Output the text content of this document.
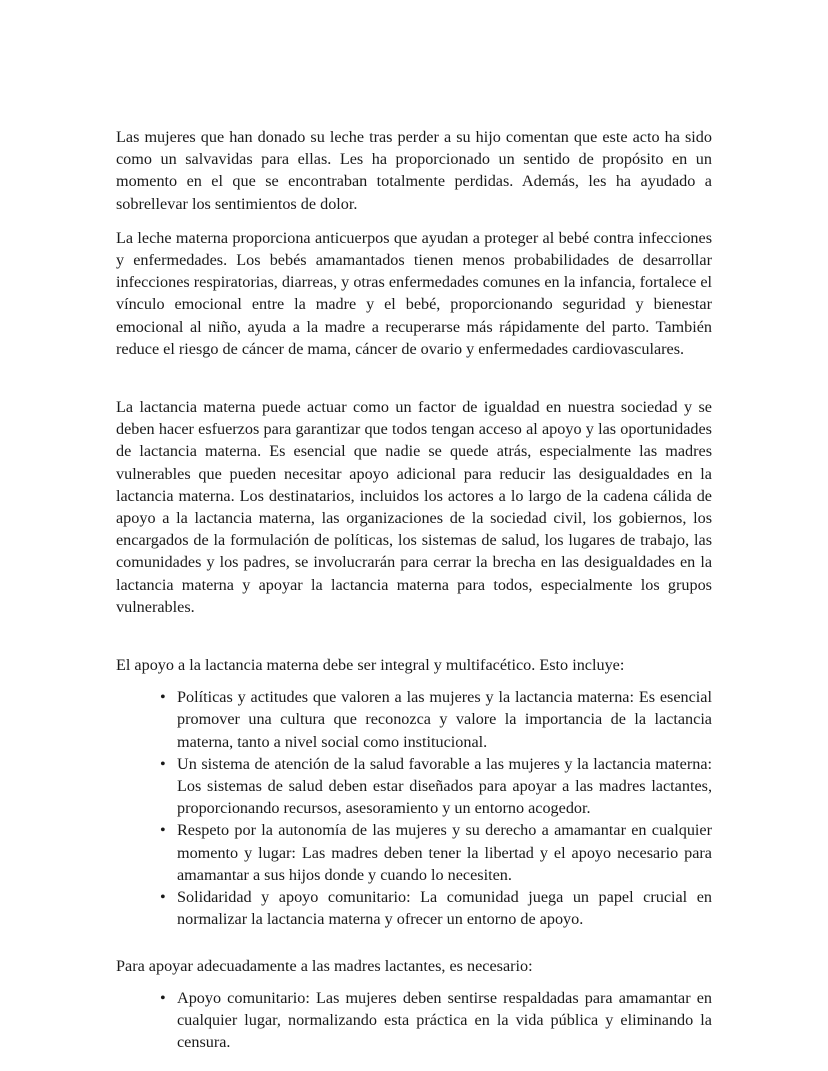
Las mujeres que han donado su leche tras perder a su hijo comentan que este acto ha sido como un salvavidas para ellas. Les ha proporcionado un sentido de propósito en un momento en el que se encontraban totalmente perdidas. Además, les ha ayudado a sobrellevar los sentimientos de dolor.

La leche materna proporciona anticuerpos que ayudan a proteger al bebé contra infecciones y enfermedades. Los bebés amamantados tienen menos probabilidades de desarrollar infecciones respiratorias, diarreas, y otras enfermedades comunes en la infancia, fortalece el vínculo emocional entre la madre y el bebé, proporcionando seguridad y bienestar emocional al niño, ayuda a la madre a recuperarse más rápidamente del parto. También reduce el riesgo de cáncer de mama, cáncer de ovario y enfermedades cardiovasculares.

La lactancia materna puede actuar como un factor de igualdad en nuestra sociedad y se deben hacer esfuerzos para garantizar que todos tengan acceso al apoyo y las oportunidades de lactancia materna. Es esencial que nadie se quede atrás, especialmente las madres vulnerables que pueden necesitar apoyo adicional para reducir las desigualdades en la lactancia materna. Los destinatarios, incluidos los actores a lo largo de la cadena cálida de apoyo a la lactancia materna, las organizaciones de la sociedad civil, los gobiernos, los encargados de la formulación de políticas, los sistemas de salud, los lugares de trabajo, las comunidades y los padres, se involucrarán para cerrar la brecha en las desigualdades en la lactancia materna y apoyar la lactancia materna para todos, especialmente los grupos vulnerables.

El apoyo a la lactancia materna debe ser integral y multifacético. Esto incluye:

• Políticas y actitudes que valoren a las mujeres y la lactancia materna: Es esencial promover una cultura que reconozca y valore la importancia de la lactancia materna, tanto a nivel social como institucional.
• Un sistema de atención de la salud favorable a las mujeres y la lactancia materna: Los sistemas de salud deben estar diseñados para apoyar a las madres lactantes, proporcionando recursos, asesoramiento y un entorno acogedor.
• Respeto por la autonomía de las mujeres y su derecho a amamantar en cualquier momento y lugar: Las madres deben tener la libertad y el apoyo necesario para amamantar a sus hijos donde y cuando lo necesiten.
• Solidaridad y apoyo comunitario: La comunidad juega un papel crucial en normalizar la lactancia materna y ofrecer un entorno de apoyo.

Para apoyar adecuadamente a las madres lactantes, es necesario:

• Apoyo comunitario: Las mujeres deben sentirse respaldadas para amamantar en cualquier lugar, normalizando esta práctica en la vida pública y eliminando la censura.
